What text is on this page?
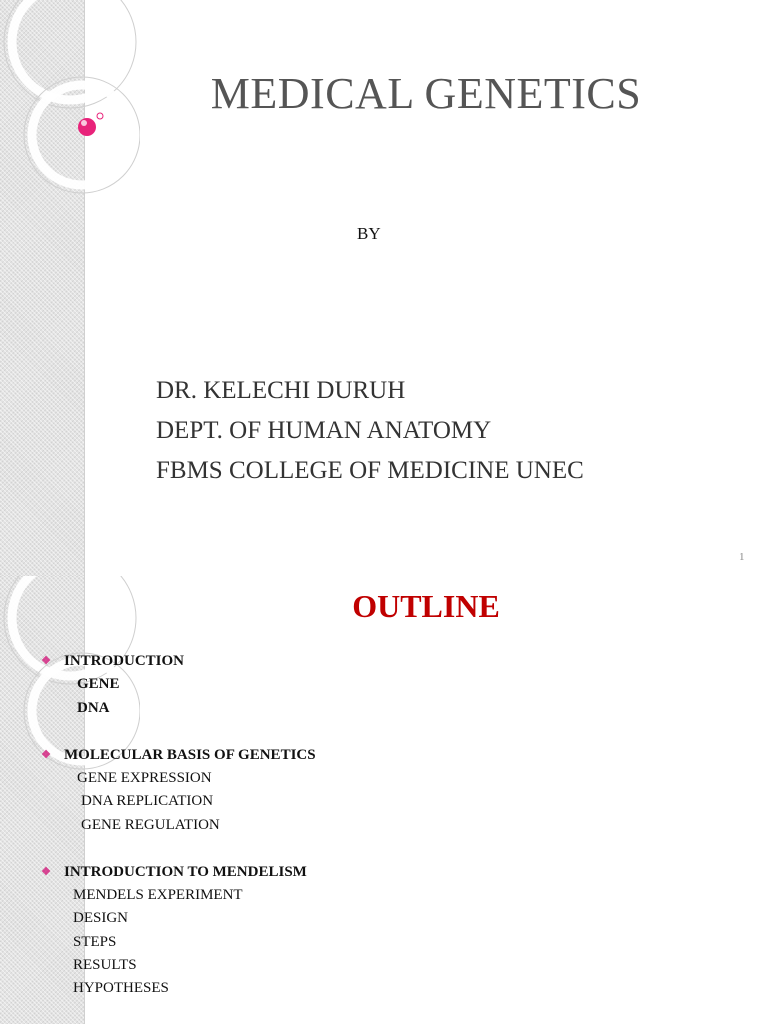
MEDICAL GENETICS
BY
DR. KELECHI DURUH
DEPT. OF HUMAN ANATOMY
FBMS COLLEGE OF MEDICINE UNEC
1
OUTLINE
❖ INTRODUCTION
GENE
DNA
❖ MOLECULAR BASIS OF GENETICS
GENE EXPRESSION
DNA REPLICATION
GENE REGULATION
❖ INTRODUCTION TO MENDELISM
MENDELS EXPERIMENT
DESIGN
STEPS
RESULTS
HYPOTHESES
